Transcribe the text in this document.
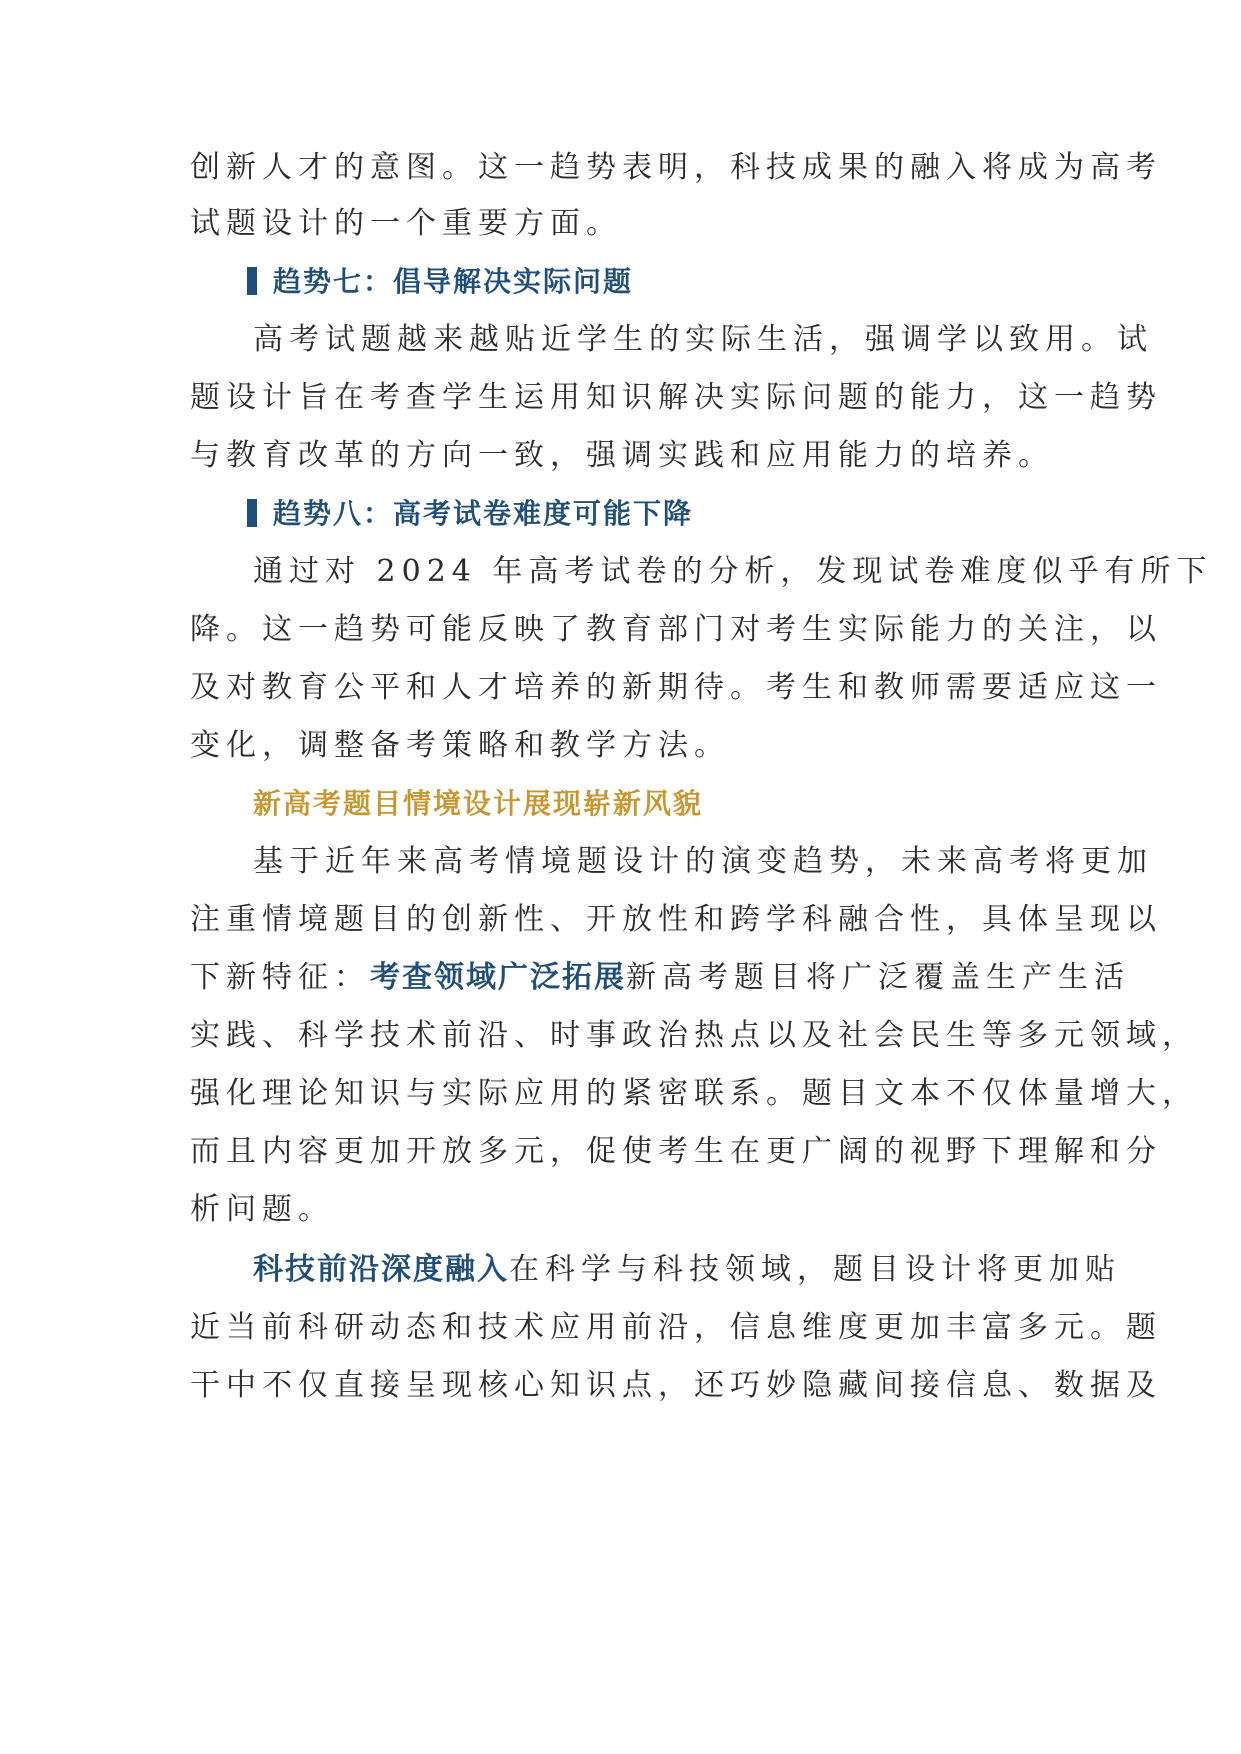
创新人才的意图。这一趋势表明，科技成果的融入将成为高考
试题设计的一个重要方面。
趋势七：倡导解决实际问题
高考试题越来越贴近学生的实际生活，强调学以致用。试
题设计旨在考查学生运用知识解决实际问题的能力，这一趋势
与教育改革的方向一致，强调实践和应用能力的培养。
趋势八：高考试卷难度可能下降
通过对 2024 年高考试卷的分析，发现试卷难度似乎有所下
降。这一趋势可能反映了教育部门对考生实际能力的关注，以
及对教育公平和人才培养的新期待。考生和教师需要适应这一
变化，调整备考策略和教学方法。
新高考题目情境设计展现崭新风貌
基于近年来高考情境题设计的演变趋势，未来高考将更加
注重情境题目的创新性、开放性和跨学科融合性，具体呈现以
下新特征：考查领域广泛拓展新高考题目将广泛覆盖生产生活
实践、科学技术前沿、时事政治热点以及社会民生等多元领域，
强化理论知识与实际应用的紧密联系。题目文本不仅体量增大，
而且内容更加开放多元，促使考生在更广阔的视野下理解和分
析问题。
科技前沿深度融入在科学与科技领域，题目设计将更加贴
近当前科研动态和技术应用前沿，信息维度更加丰富多元。题
干中不仅直接呈现核心知识点，还巧妙隐藏间接信息、数据及
